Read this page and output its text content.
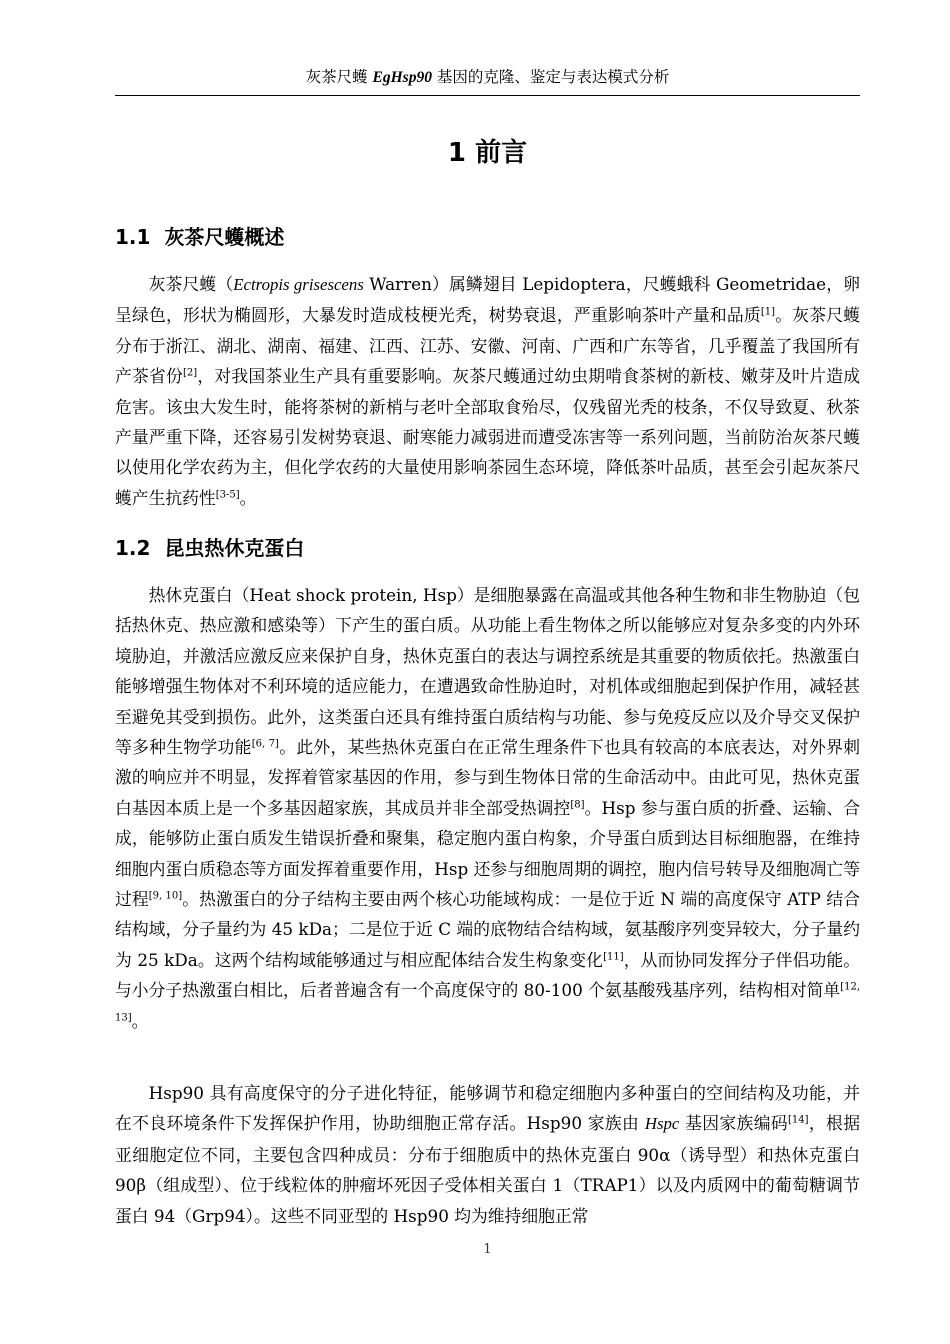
灰茶尺蠖 EgHsp90 基因的克隆、鉴定与表达模式分析
1 前言
1.1 灰茶尺蠖概述

灰茶尺蠖（Ectropis grisescens Warren）属鳞翅目 Lepidoptera，尺蠖蛾科 Geometridae，卵呈绿色，形状为椭圆形，大暴发时造成枝梗光秃，树势衰退，严重影响茶叶产量和品质[1]。灰茶尺蠖分布于浙江、湖北、湖南、福建、江西、江苏、安徽、河南、广西和广东等省，几乎覆盖了我国所有产茶省份[2]，对我国茶业生产具有重要影响。灰茶尺蠖通过幼虫期啃食茶树的新枝、嫩芽及叶片造成危害。该虫大发生时，能将茶树的新梢与老叶全部取食殆尽，仅残留光秃的枝条，不仅导致夏、秋茶产量严重下降，还容易引发树势衰退、耐寒能力减弱进而遭受冻害等一系列问题，当前防治灰茶尺蠖以使用化学农药为主，但化学农药的大量使用影响茶园生态环境，降低茶叶品质，甚至会引起灰茶尺蠖产生抗药性[3-5]。

1.2 昆虫热休克蛋白

热休克蛋白（Heat shock protein, Hsp）是细胞暴露在高温或其他各种生物和非生物胁迫（包括热休克、热应激和感染等）下产生的蛋白质。从功能上看生物体之所以能够应对复杂多变的内外环境胁迫，并激活应激反应来保护自身，热休克蛋白的表达与调控系统是其重要的物质依托。热激蛋白能够增强生物体对不利环境的适应能力，在遭遇致命性胁迫时，对机体或细胞起到保护作用，减轻甚至避免其受到损伤。此外，这类蛋白还具有维持蛋白质结构与功能、参与免疫反应以及介导交叉保护等多种生物学功能[6, 7]。此外，某些热休克蛋白在正常生理条件下也具有较高的本底表达，对外界刺激的响应并不明显，发挥着管家基因的作用，参与到生物体日常的生命活动中。由此可见，热休克蛋白基因本质上是一个多基因超家族，其成员并非全部受热调控[8]。Hsp 参与蛋白质的折叠、运输、合成，能够防止蛋白质发生错误折叠和聚集，稳定胞内蛋白构象，介导蛋白质到达目标细胞器，在维持细胞内蛋白质稳态等方面发挥着重要作用，Hsp 还参与细胞周期的调控，胞内信号转导及细胞凋亡等过程[9, 10]。热激蛋白的分子结构主要由两个核心功能域构成：一是位于近 N 端的高度保守 ATP 结合结构域，分子量约为 45 kDa；二是位于近 C 端的底物结合结构域，氨基酸序列变异较大，分子量约为 25 kDa。这两个结构域能够通过与相应配体结合发生构象变化[11]，从而协同发挥分子伴侣功能。与小分子热激蛋白相比，后者普遍含有一个高度保守的 80-100 个氨基酸残基序列，结构相对简单[12, 13]。

Hsp90 具有高度保守的分子进化特征，能够调节和稳定细胞内多种蛋白的空间结构及功能，并在不良环境条件下发挥保护作用，协助细胞正常存活。Hsp90 家族由 Hspc 基因家族编码[14]，根据亚细胞定位不同，主要包含四种成员：分布于细胞质中的热休克蛋白 90α（诱导型）和热休克蛋白 90β（组成型）、位于线粒体的肿瘤坏死因子受体相关蛋白 1（TRAP1）以及内质网中的葡萄糖调节蛋白 94（Grp94）。这些不同亚型的 Hsp90 均为维持细胞正常

1
